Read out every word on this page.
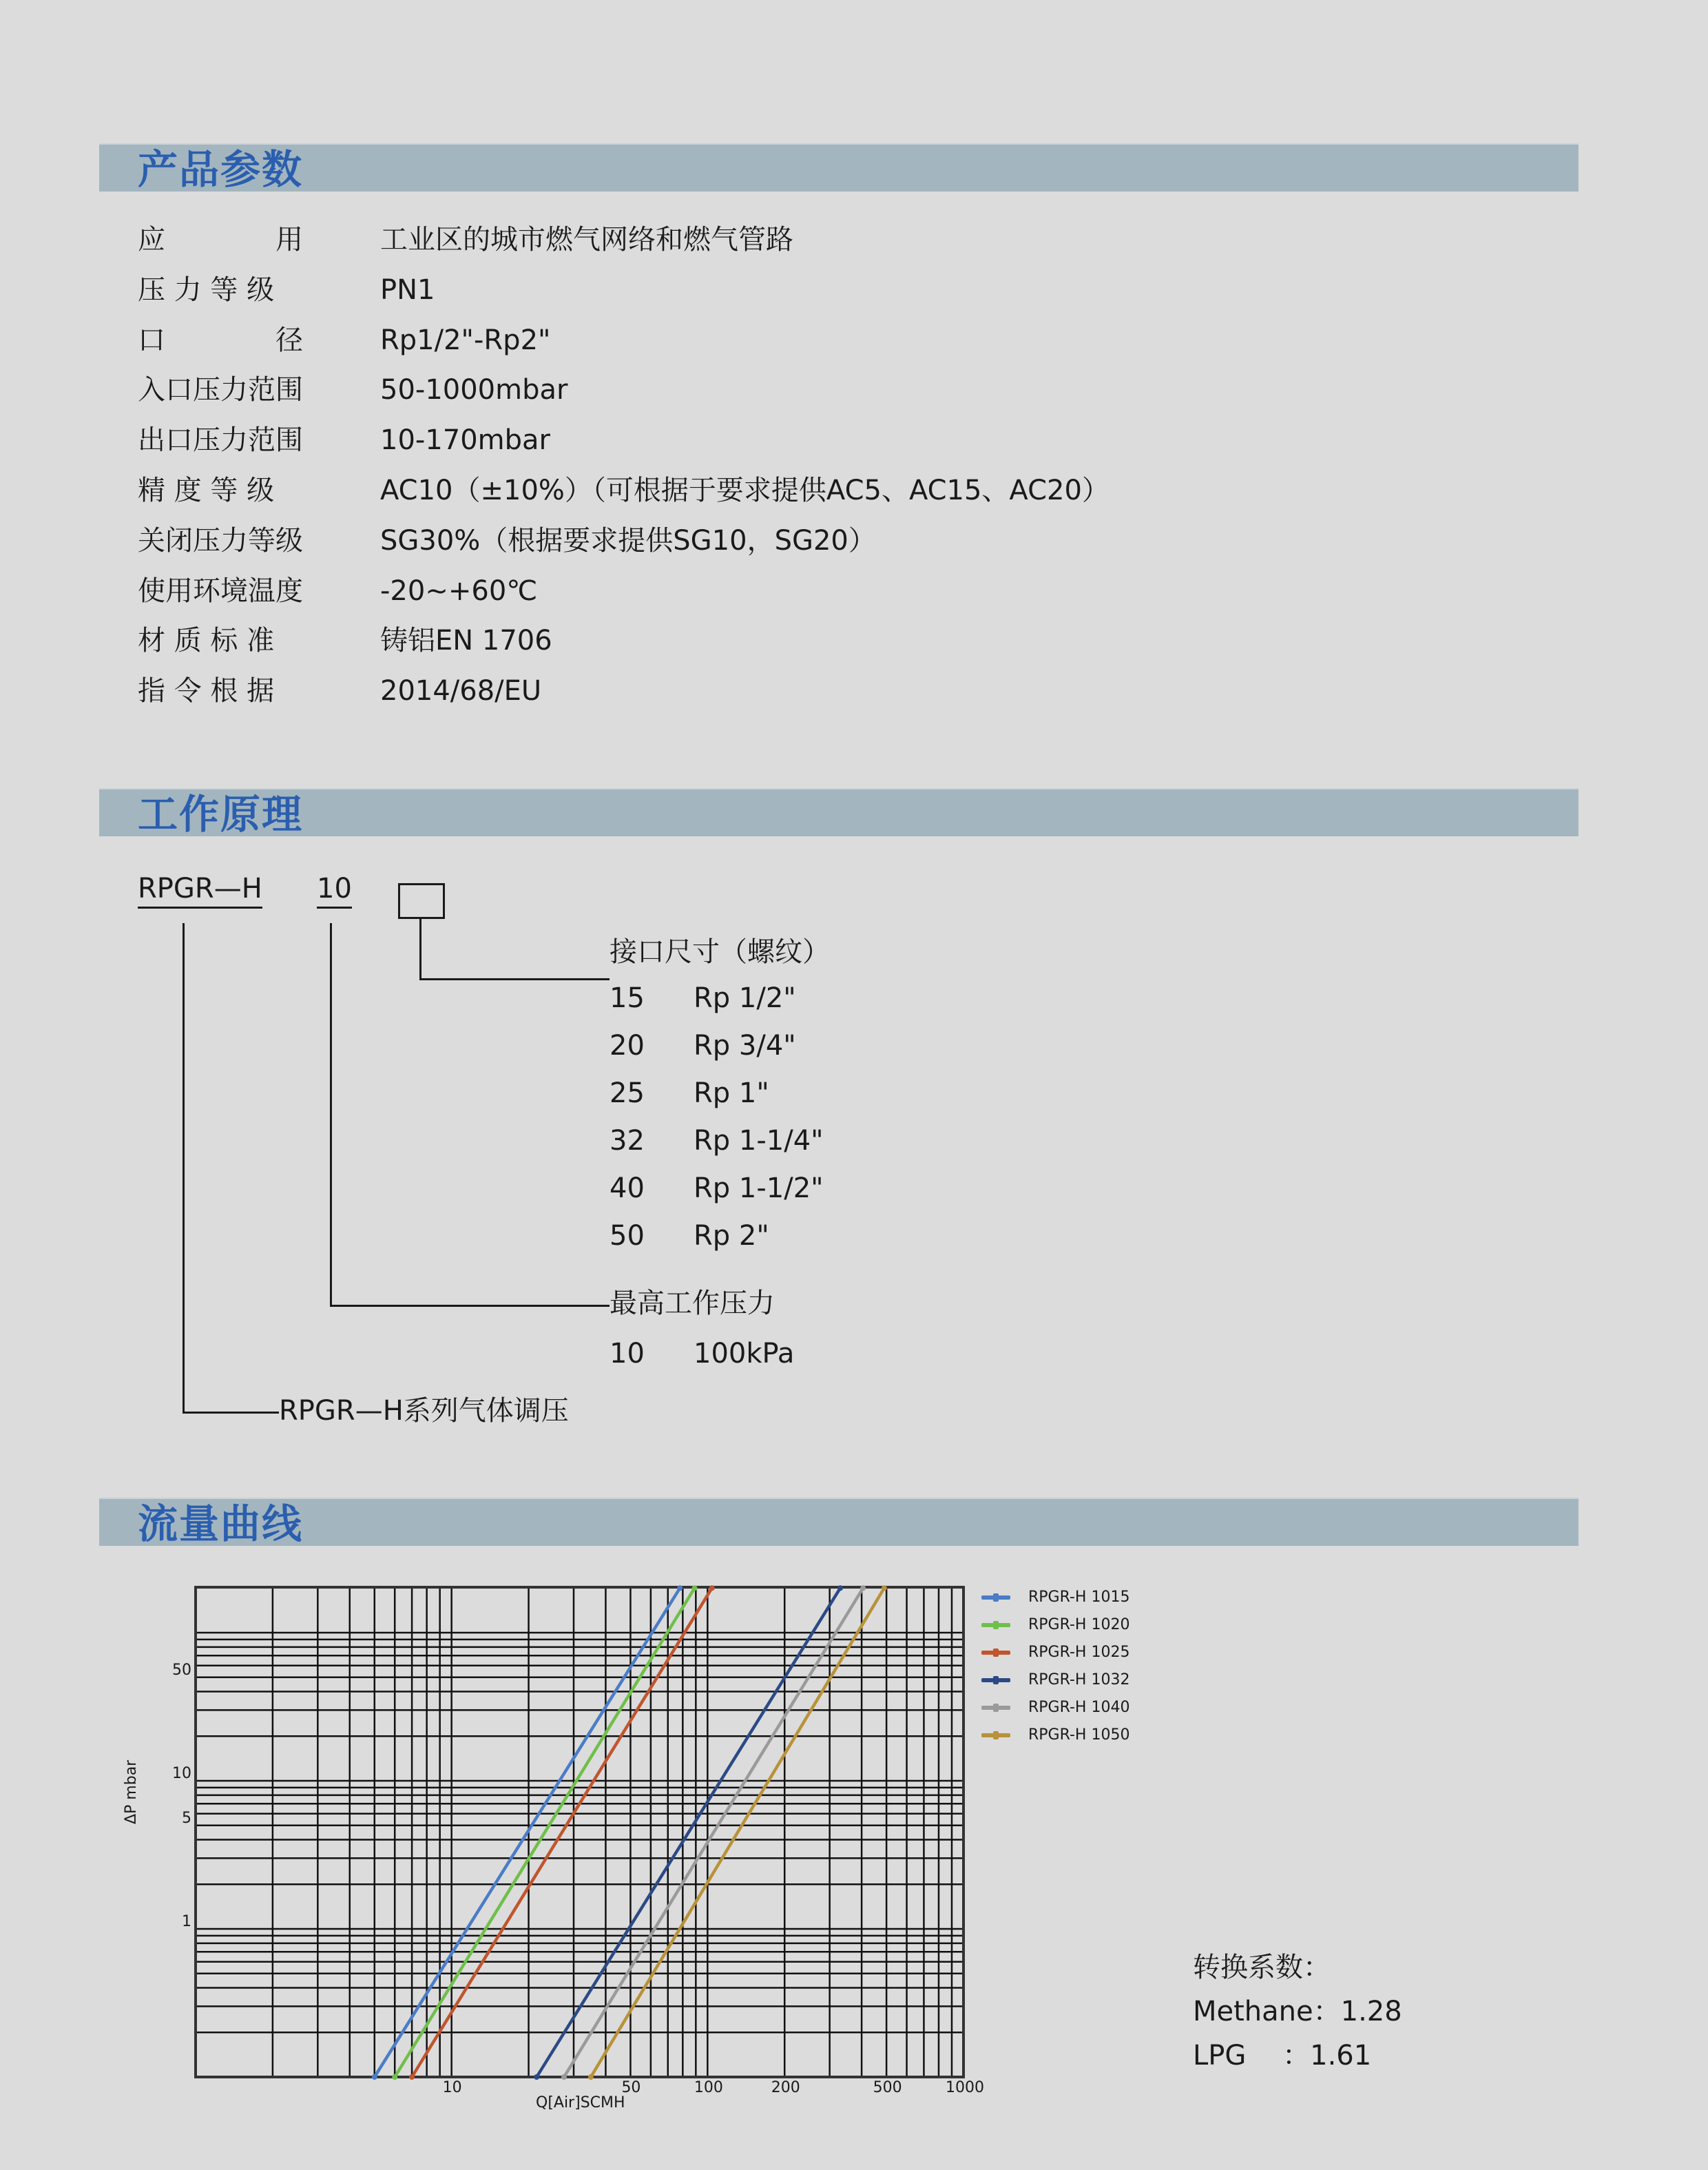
产品参数
应　　　　用	工业区的城市燃气网络和燃气管路
压 力 等 级	PN1
口　　　　径	Rp1/2"-Rp2"
入口压力范围	50-1000mbar
出口压力范围	10-170mbar
精 度 等 级	AC10（±10%）（可根据于要求提供AC5、AC15、AC20）
关闭压力等级	SG30%（根据要求提供SG10，SG20）
使用环境温度	-20~+60℃
材 质 标 准	铸铝EN 1706
指 令 根 据	2014/68/EU
工作原理
RPGR—H 10
接口尺寸（螺纹）
15 Rp 1/2"
20 Rp 3/4"
25 Rp 1"
32 Rp 1-1/4"
40 Rp 1-1/2"
50 Rp 2"
最高工作压力
10 100kPa
RPGR—H系列气体调压
流量曲线
10	50	100	200	500	1000
1
5
10
50
Q[Air]SCMH
ΔP mbar
RPGR-H 1015
RPGR-H 1020
RPGR-H 1025
RPGR-H 1032
RPGR-H 1040
RPGR-H 1050
转换系数：
Methane：1.28
LPG　 ：1.61
